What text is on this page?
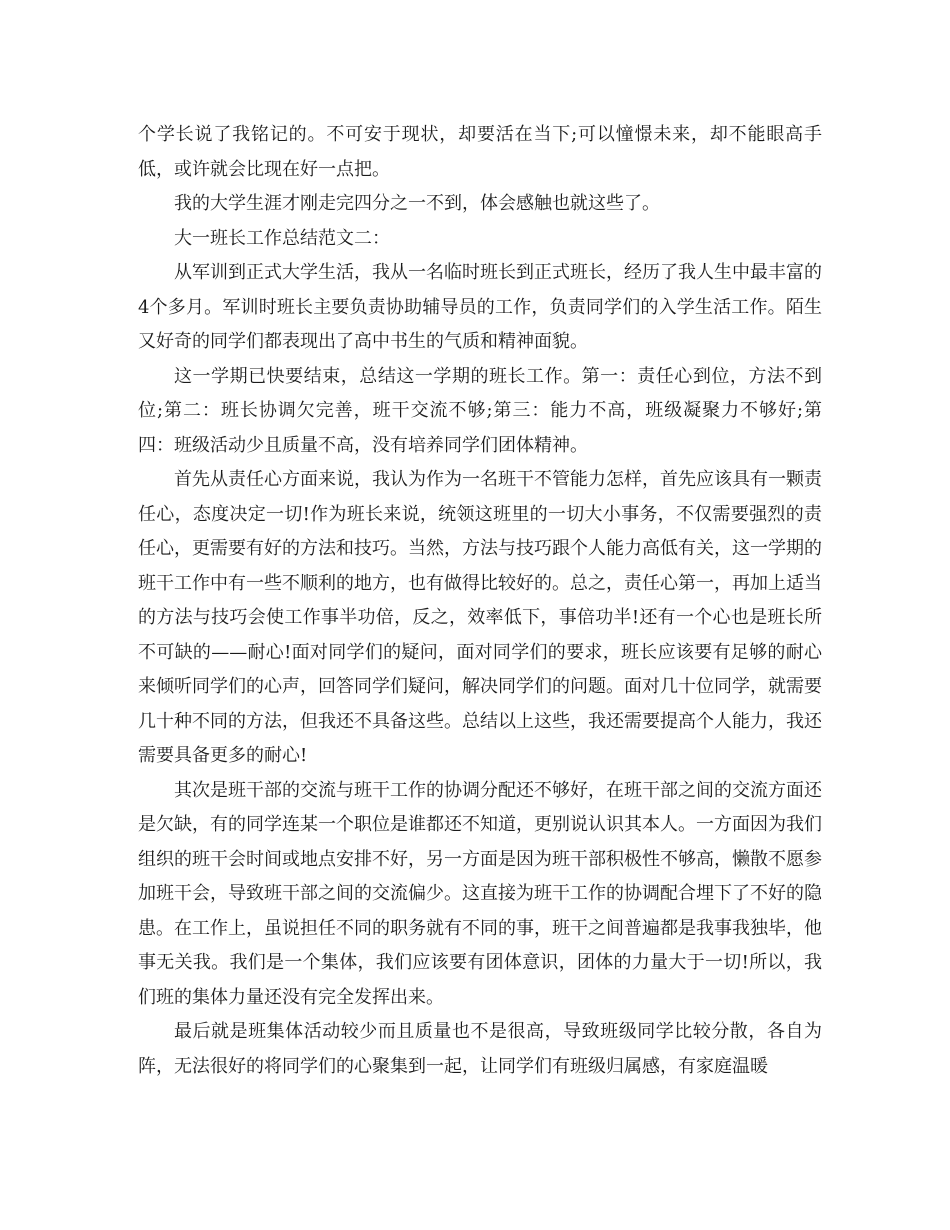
个学长说了我铭记的。不可安于现状，却要活在当下;可以憧憬未来，却不能眼高手低，或许就会比现在好一点把。

我的大学生涯才刚走完四分之一不到，体会感触也就这些了。

大一班长工作总结范文二：

从军训到正式大学生活，我从一名临时班长到正式班长，经历了我人生中最丰富的4个多月。军训时班长主要负责协助辅导员的工作，负责同学们的入学生活工作。陌生又好奇的同学们都表现出了高中书生的气质和精神面貌。

这一学期已快要结束，总结这一学期的班长工作。第一：责任心到位，方法不到位;第二：班长协调欠完善，班干交流不够;第三：能力不高，班级凝聚力不够好;第四：班级活动少且质量不高，没有培养同学们团体精神。

首先从责任心方面来说，我认为作为一名班干不管能力怎样，首先应该具有一颗责任心，态度决定一切!作为班长来说，统领这班里的一切大小事务，不仅需要强烈的责任心，更需要有好的方法和技巧。当然，方法与技巧跟个人能力高低有关，这一学期的班干工作中有一些不顺利的地方，也有做得比较好的。总之，责任心第一，再加上适当的方法与技巧会使工作事半功倍，反之，效率低下，事倍功半!还有一个心也是班长所不可缺的——耐心!面对同学们的疑问，面对同学们的要求，班长应该要有足够的耐心来倾听同学们的心声，回答同学们疑问，解决同学们的问题。面对几十位同学，就需要几十种不同的方法，但我还不具备这些。总结以上这些，我还需要提高个人能力，我还需要具备更多的耐心!

其次是班干部的交流与班干工作的协调分配还不够好，在班干部之间的交流方面还是欠缺，有的同学连某一个职位是谁都还不知道，更别说认识其本人。一方面因为我们组织的班干会时间或地点安排不好，另一方面是因为班干部积极性不够高，懒散不愿参加班干会，导致班干部之间的交流偏少。这直接为班干工作的协调配合埋下了不好的隐患。在工作上，虽说担任不同的职务就有不同的事，班干之间普遍都是我事我独毕，他事无关我。我们是一个集体，我们应该要有团体意识，团体的力量大于一切!所以，我们班的集体力量还没有完全发挥出来。

最后就是班集体活动较少而且质量也不是很高，导致班级同学比较分散，各自为阵，无法很好的将同学们的心聚集到一起，让同学们有班级归属感，有家庭温暖
